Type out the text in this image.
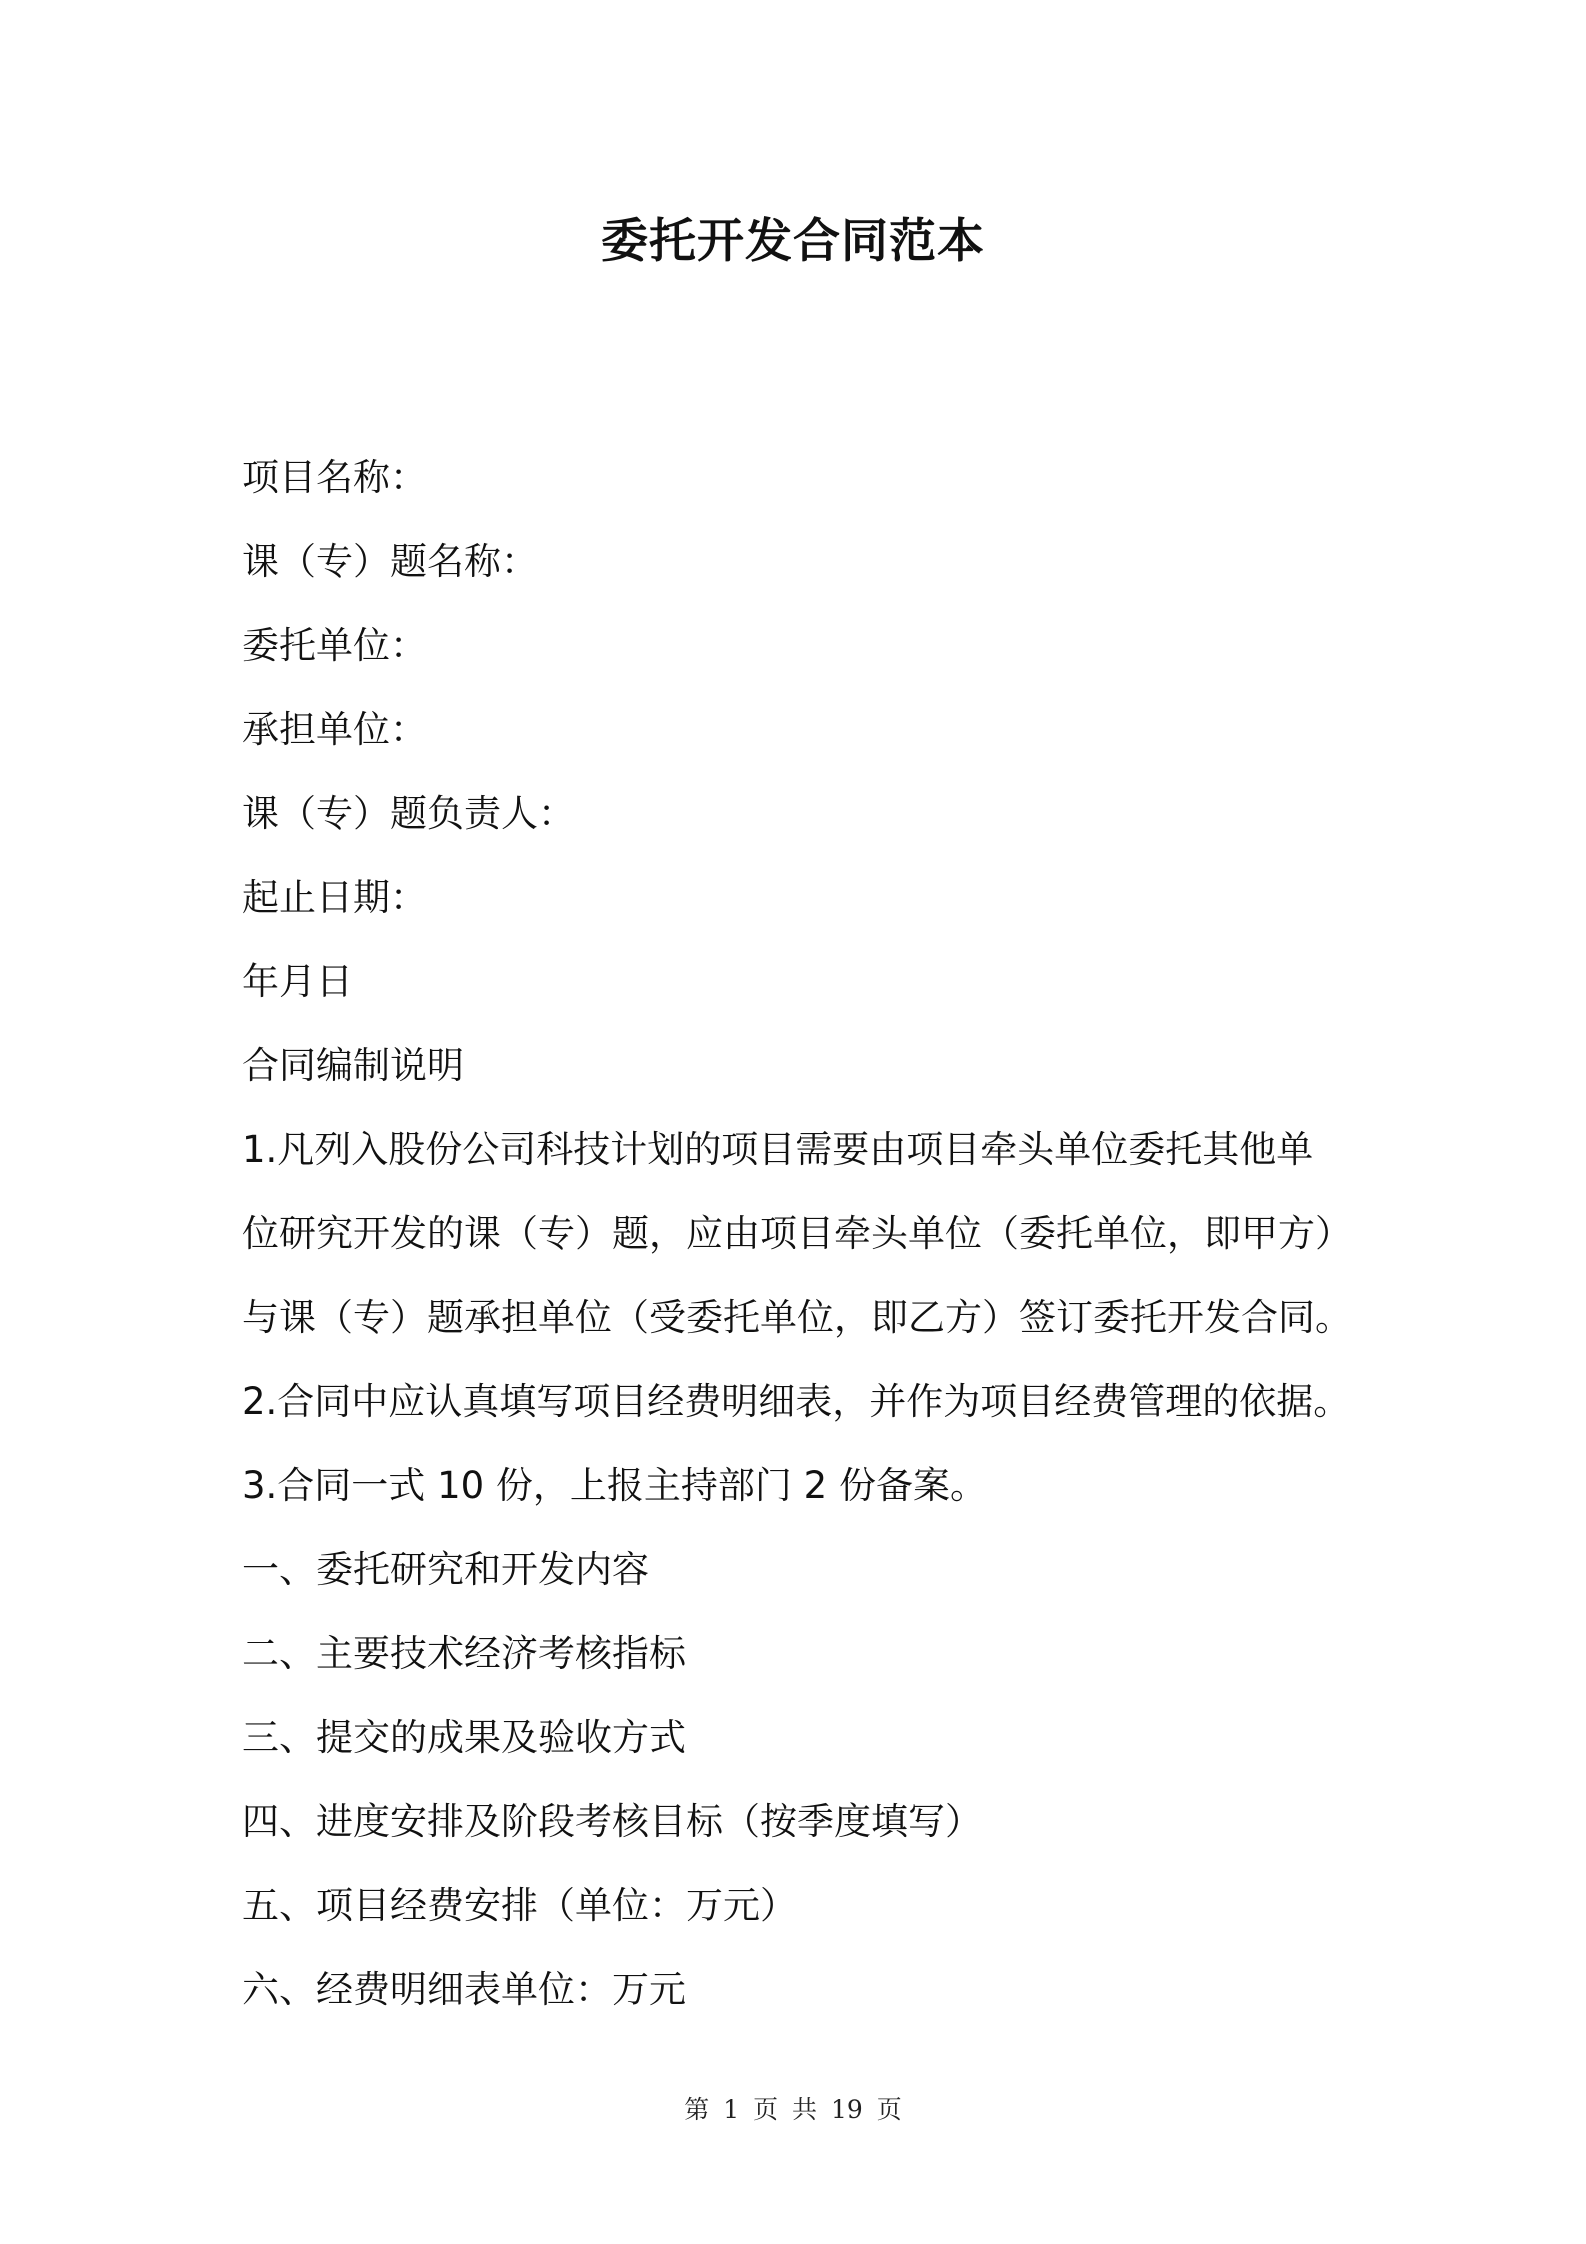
委托开发合同范本

项目名称：

课（专）题名称：

委托单位：

承担单位：

课（专）题负责人：

起止日期：

年月日

合同编制说明

1.凡列入股份公司科技计划的项目需要由项目牵头单位委托其他单

位研究开发的课（专）题，应由项目牵头单位（委托单位，即甲方）

与课（专）题承担单位（受委托单位，即乙方）签订委托开发合同。

2.合同中应认真填写项目经费明细表，并作为项目经费管理的依据。

3.合同一式 10 份，上报主持部门 2 份备案。

一、委托研究和开发内容

二、主要技术经济考核指标

三、提交的成果及验收方式

四、进度安排及阶段考核目标（按季度填写）

五、项目经费安排（单位：万元）

六、经费明细表单位：万元

第 1 页 共 19 页
